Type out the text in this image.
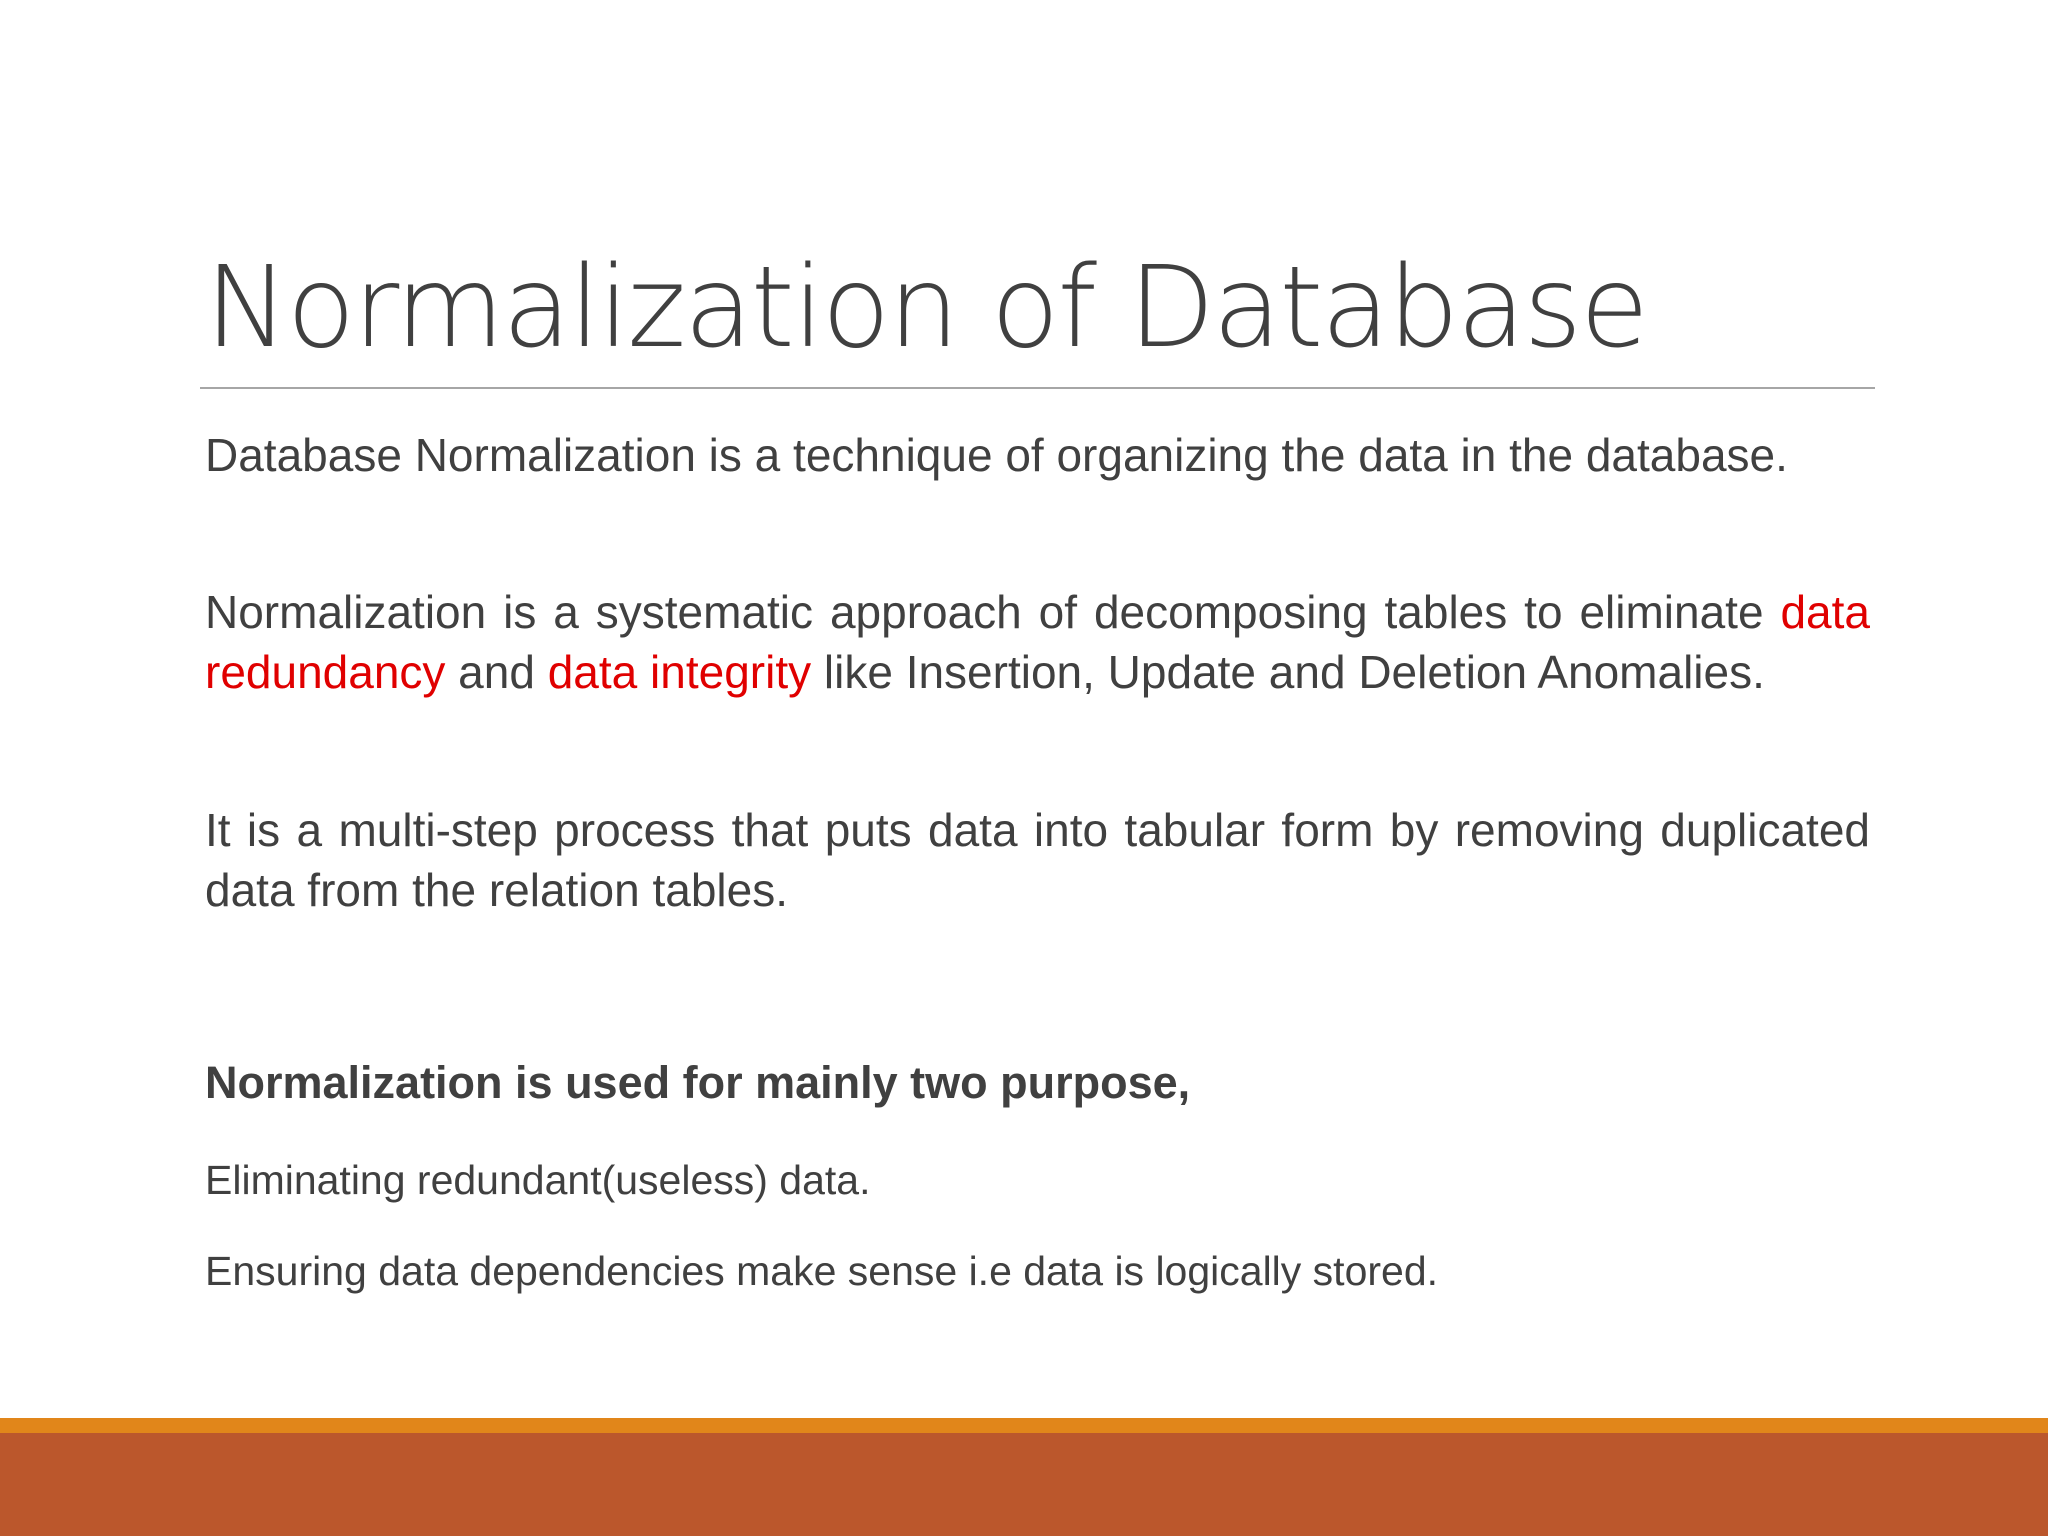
Normalization of Database
Database Normalization is a technique of organizing the data in the database.
Normalization is a systematic approach of decomposing tables to eliminate data redundancy and data integrity like Insertion, Update and Deletion Anomalies.
It is a multi-step process that puts data into tabular form by removing duplicated data from the relation tables.
Normalization is used for mainly two purpose,
Eliminating redundant(useless) data.
Ensuring data dependencies make sense i.e data is logically stored.
